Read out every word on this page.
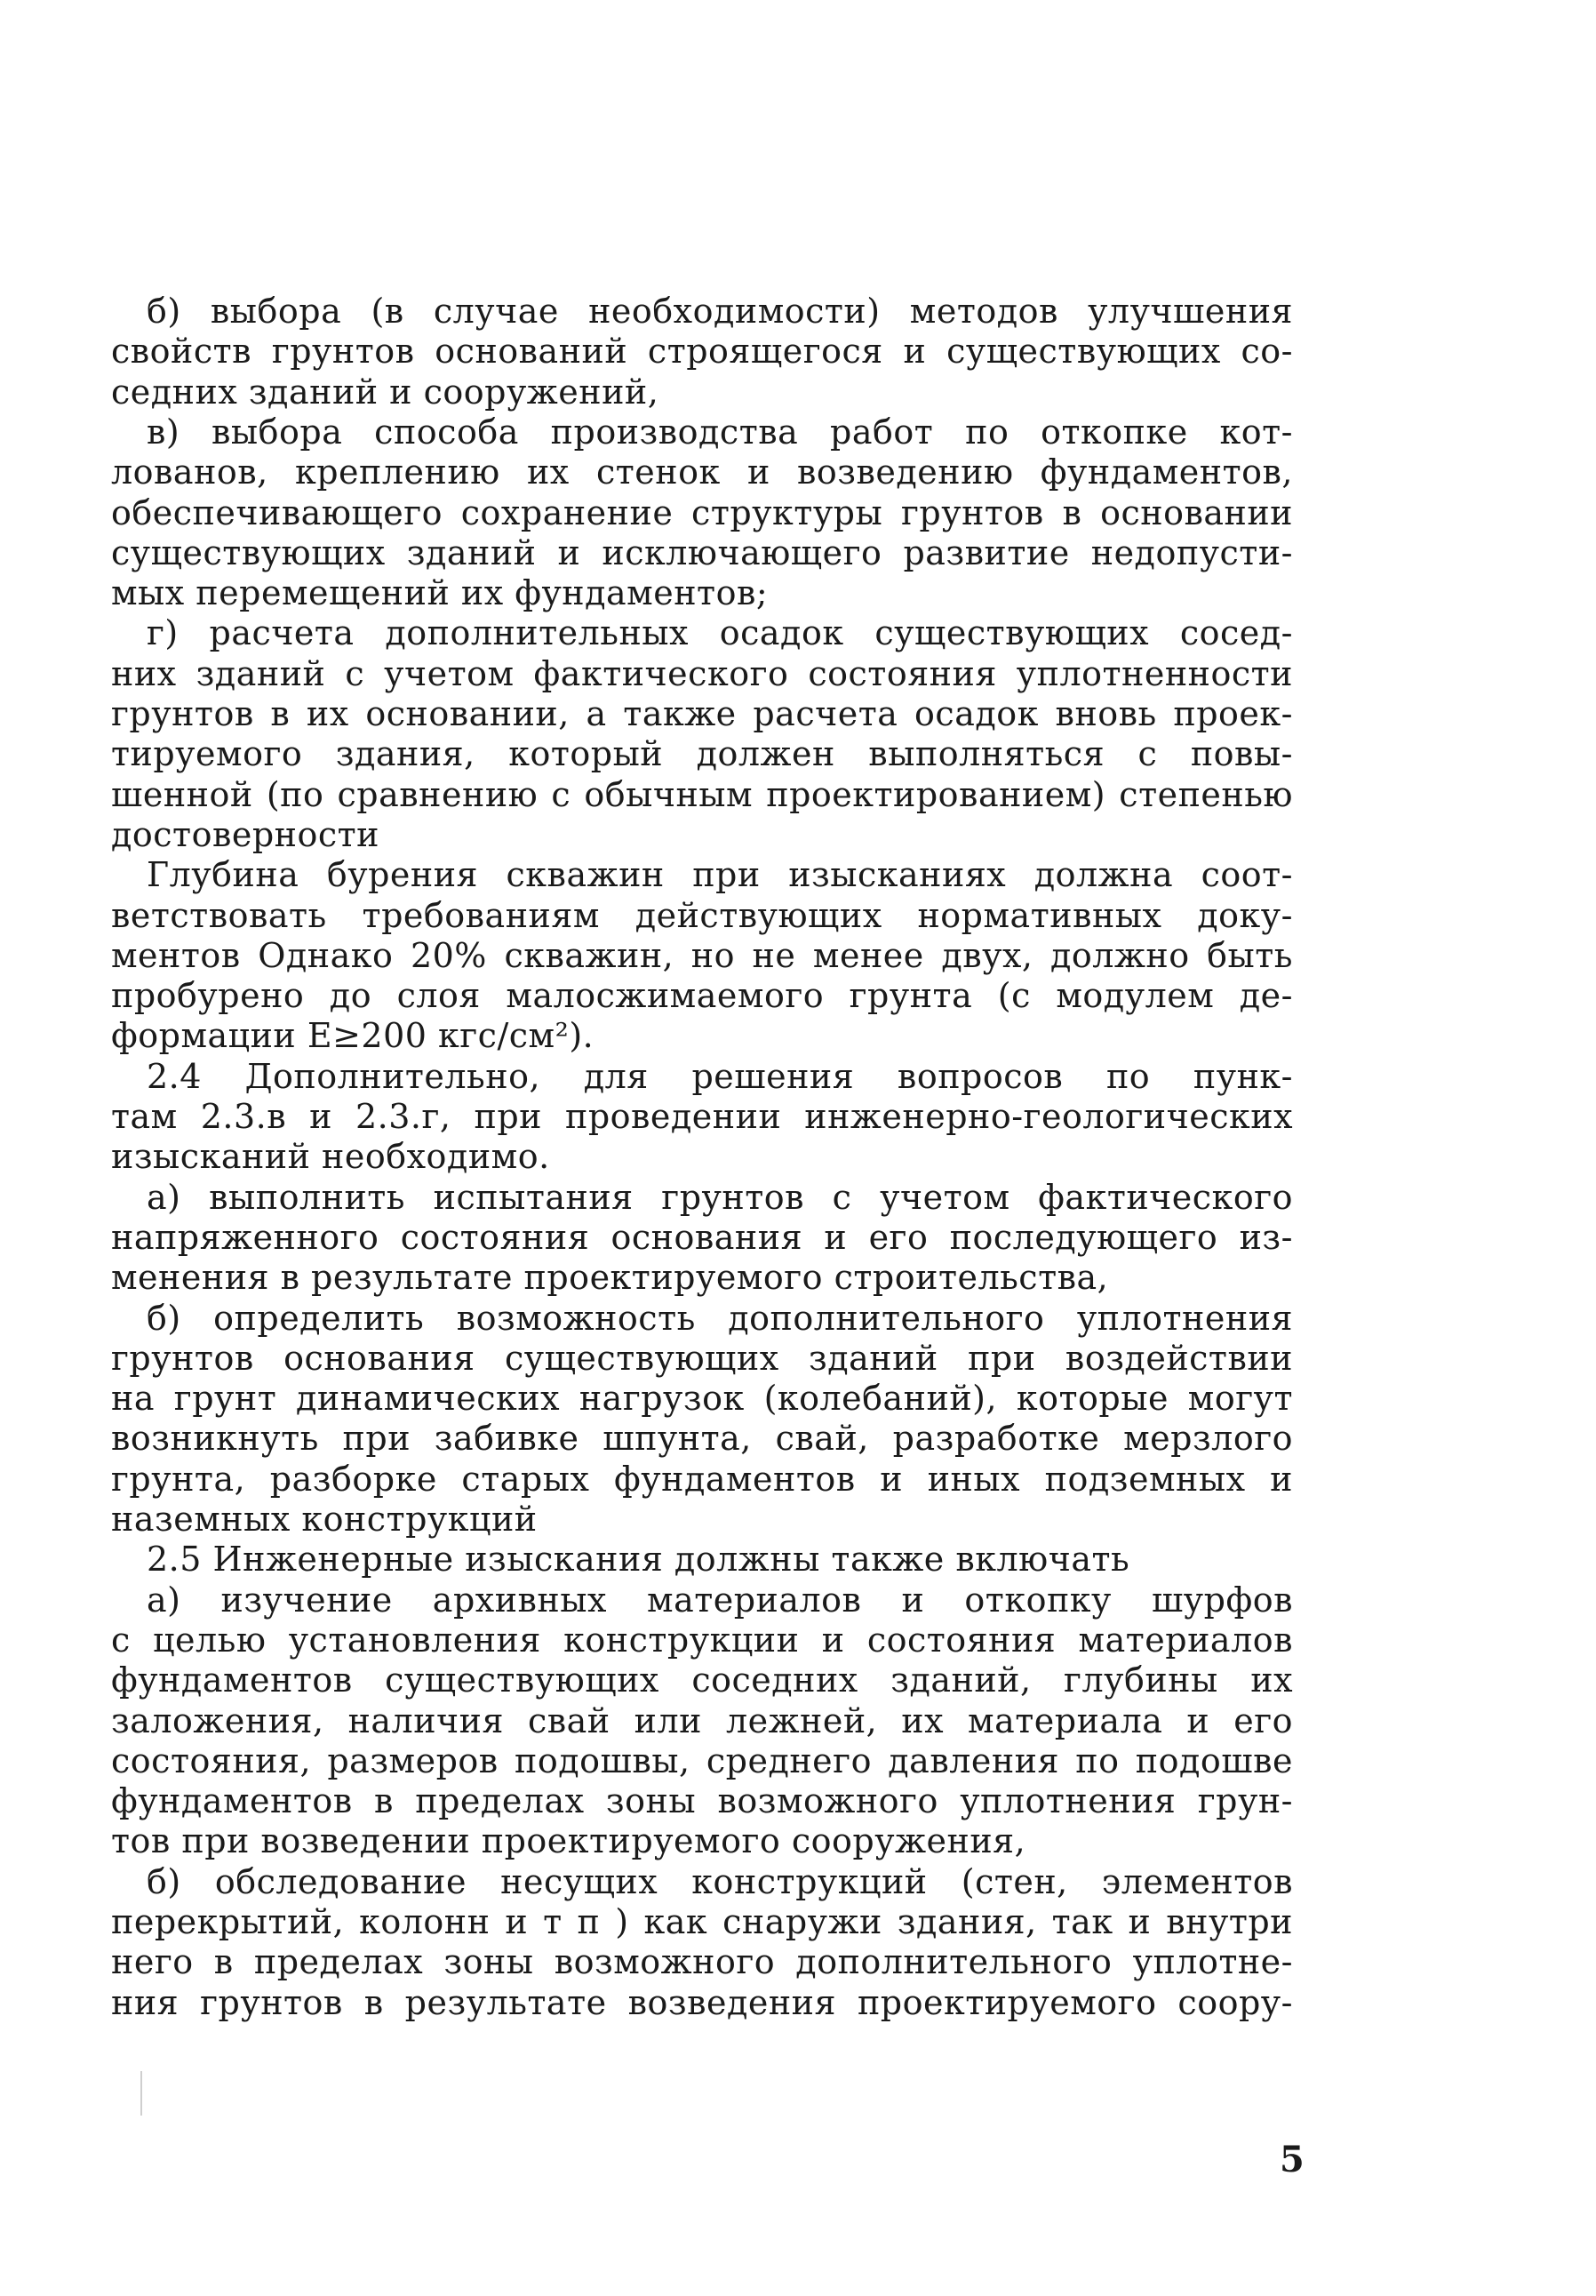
б) выбора (в случае необходимости) методов улучшения
свойств грунтов оснований строящегося и существующих со-
седних зданий и сооружений,
в) выбора способа производства работ по откопке кот-
лованов, креплению их стенок и возведению фундаментов,
обеспечивающего сохранение структуры грунтов в основании
существующих зданий и исключающего развитие недопусти-
мых перемещений их фундаментов;
г) расчета дополнительных осадок существующих сосед-
них зданий с учетом фактического состояния уплотненности
грунтов в их основании, а также расчета осадок вновь проек-
тируемого здания, который должен выполняться с повы-
шенной (по сравнению с обычным проектированием) степенью
достоверности
Глубина бурения скважин при изысканиях должна соот-
ветствовать требованиям действующих нормативных доку-
ментов Однако 20% скважин, но не менее двух, должно быть
пробурено до слоя малосжимаемого грунта (с модулем де-
формации E≥200 кгс/см²).
2.4 Дополнительно, для решения вопросов по пунк-
там 2.3.в и 2.3.г, при проведении инженерно-геологических
изысканий необходимо.
а) выполнить испытания грунтов с учетом фактического
напряженного состояния основания и его последующего из-
менения в результате проектируемого строительства,
б) определить возможность дополнительного уплотнения
грунтов основания существующих зданий при воздействии
на грунт динамических нагрузок (колебаний), которые могут
возникнуть при забивке шпунта, свай, разработке мерзлого
грунта, разборке старых фундаментов и иных подземных и
наземных конструкций
2.5 Инженерные изыскания должны также включать
а) изучение архивных материалов и откопку шурфов
с целью установления конструкции и состояния материалов
фундаментов существующих соседних зданий, глубины их
заложения, наличия свай или лежней, их материала и его
состояния, размеров подошвы, среднего давления по подошве
фундаментов в пределах зоны возможного уплотнения грун-
тов при возведении проектируемого сооружения,
б) обследование несущих конструкций (стен, элементов
перекрытий, колонн и т п ) как снаружи здания, так и внутри
него в пределах зоны возможного дополнительного уплотне-
ния грунтов в результате возведения проектируемого соору-
5
